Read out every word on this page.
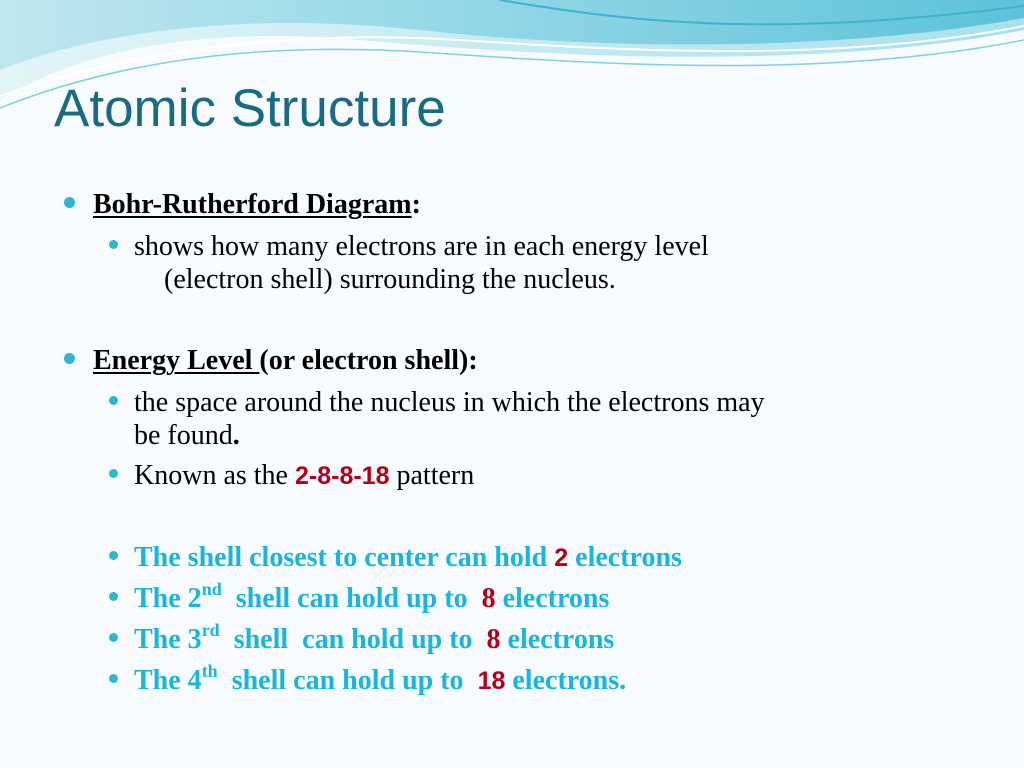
Atomic Structure
Bohr-Rutherford Diagram:
shows how many electrons are in each energy level
(electron shell) surrounding the nucleus.
Energy Level (or electron shell):
the space around the nucleus in which the electrons may
be found.
Known as the 2-8-8-18 pattern
The shell closest to center can hold 2 electrons
The 2nd  shell can hold up to  8 electrons
The 3rd  shell  can hold up to  8 electrons
The 4th  shell can hold up to  18 electrons.
